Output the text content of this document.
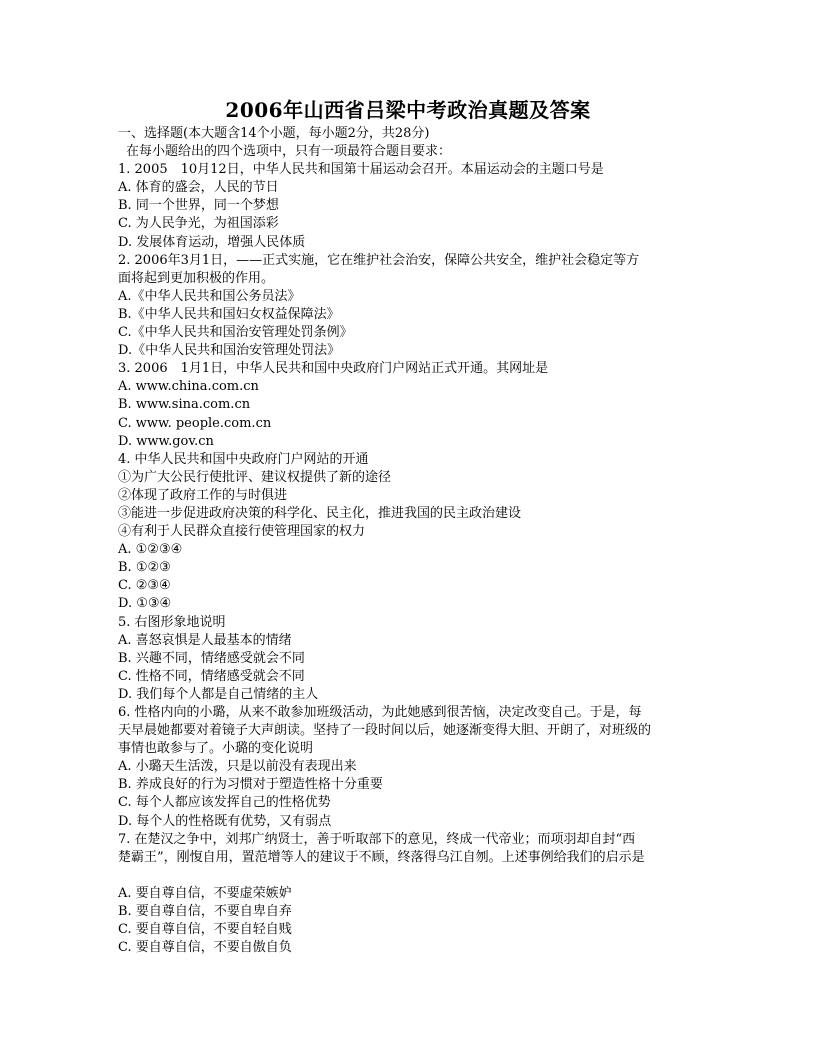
2006年山西省吕梁中考政治真题及答案
一、选择题(本大题含14个小题，每小题2分，共28分)
在每小题给出的四个选项中，只有一项最符合题目要求：
1. 2005　10月12日，中华人民共和国第十届运动会召开。本届运动会的主题口号是
A. 体育的盛会，人民的节日
B. 同一个世界，同一个梦想
C. 为人民争光，为祖国添彩
D. 发展体育运动，增强人民体质
2. 2006年3月1日，——正式实施，它在维护社会治安，保障公共安全，维护社会稳定等方
面将起到更加积极的作用。
A.《中华人民共和国公务员法》
B.《中华人民共和国妇女权益保障法》
C.《中华人民共和国治安管理处罚条例》
D.《中华人民共和国治安管理处罚法》
3. 2006　1月1日，中华人民共和国中央政府门户网站正式开通。其网址是
A. www.china.com.cn
B. www.sina.com.cn
C. www. people.com.cn
D. www.gov.cn
4. 中华人民共和国中央政府门户网站的开通
①为广大公民行使批评、建议权提供了新的途径
②体现了政府工作的与时俱进
③能进一步促进政府决策的科学化、民主化，推进我国的民主政治建设
④有利于人民群众直接行使管理国家的权力
A. ①②③④
B. ①②③
C. ②③④
D. ①③④
5. 右图形象地说明
A. 喜怒哀惧是人最基本的情绪
B. 兴趣不同，情绪感受就会不同
C. 性格不同，情绪感受就会不同
D. 我们每个人都是自己情绪的主人
6. 性格内向的小璐，从来不敢参加班级活动，为此她感到很苦恼，决定改变自己。于是，每
天早晨她都要对着镜子大声朗读。坚持了一段时间以后，她逐渐变得大胆、开朗了，对班级的
事情也敢参与了。小璐的变化说明
A. 小璐天生活泼，只是以前没有表现出来
B. 养成良好的行为习惯对于塑造性格十分重要
C. 每个人都应该发挥自己的性格优势
D. 每个人的性格既有优势，又有弱点
7. 在楚汉之争中，刘邦广纳贤士，善于听取部下的意见，终成一代帝业；而项羽却自封“西
楚霸王”，刚愎自用，置范增等人的建议于不顾，终落得乌江自刎。上述事例给我们的启示是
A. 要自尊自信，不要虚荣嫉妒
B. 要自尊自信，不要自卑自弃
C. 要自尊自信，不要自轻自贱
C. 要自尊自信，不要自傲自负
